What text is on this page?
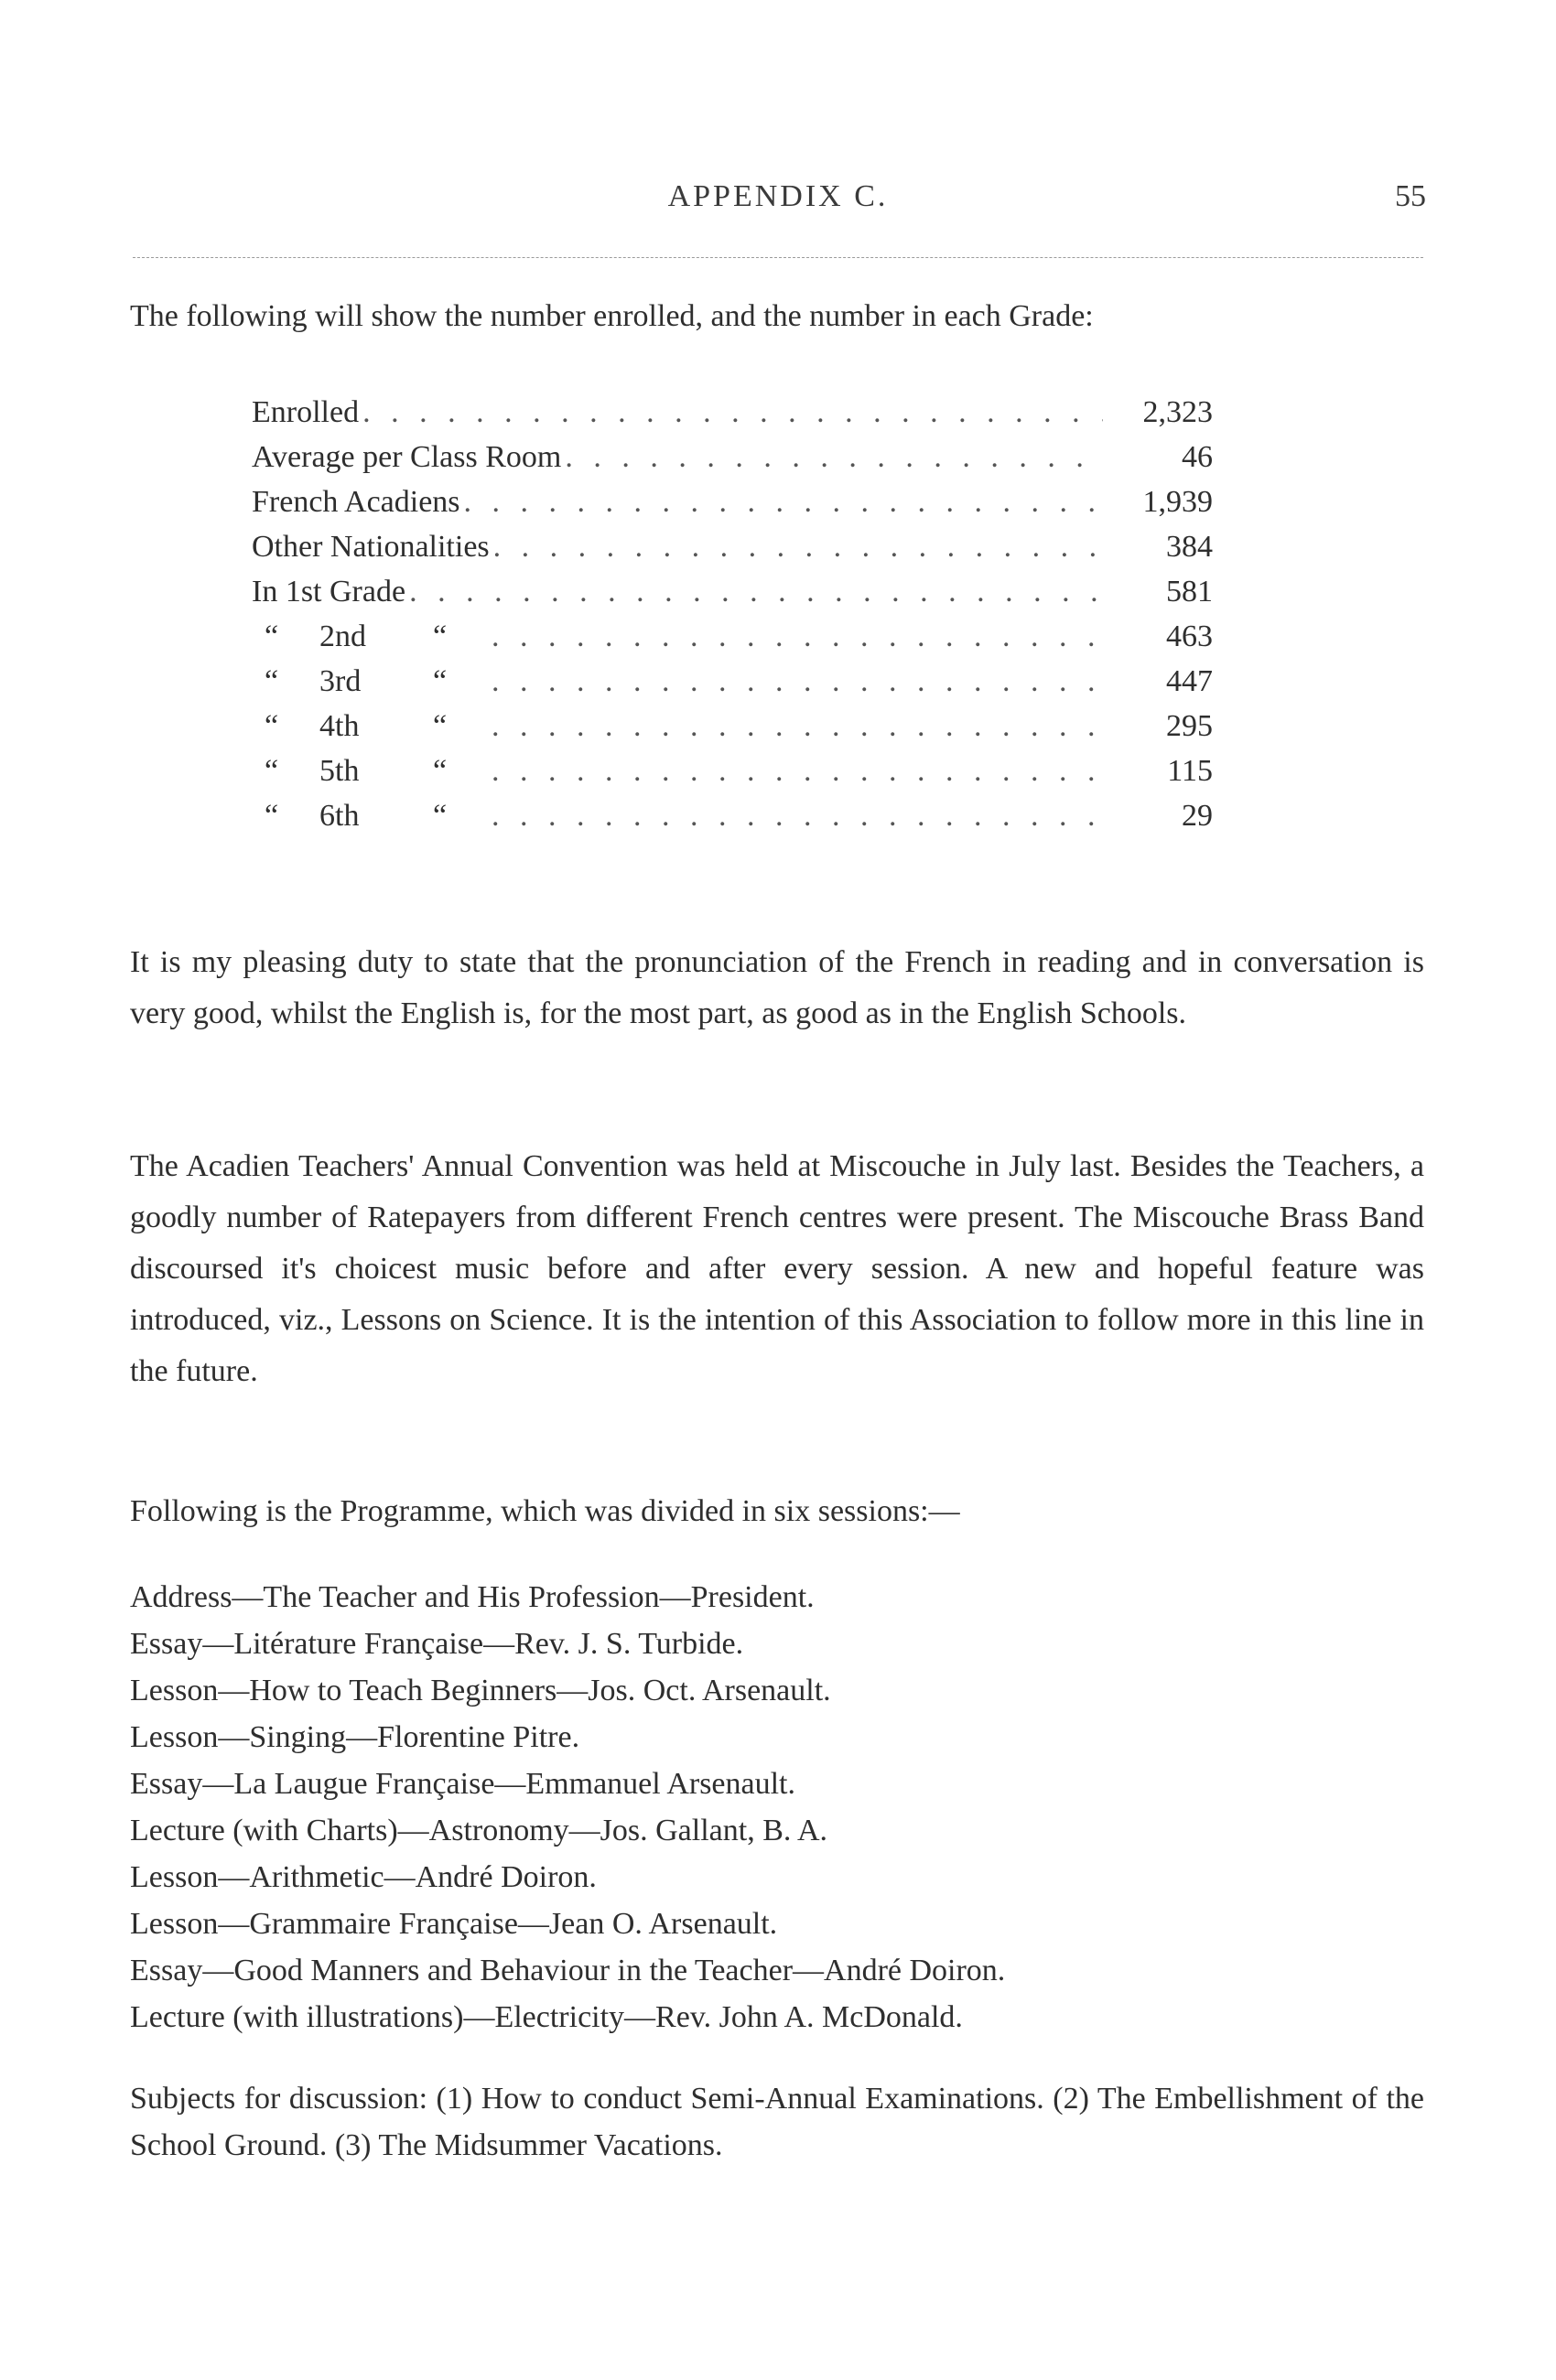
APPENDIX C.	55
The following will show the number enrolled, and the number in each Grade:
Enrolled . . .	2,323
Average per Class Room . . .	46
French Acadiens . . .	1,939
Other Nationalities . . .	384
In 1st Grade . . .	581
“ 2nd “ . . .	463
“ 3rd “ . . .	447
“ 4th “ . . .	295
“ 5th “ . . .	115
“ 6th “ . . .	29
It is my pleasing duty to state that the pronunciation of the French in reading and in conversation is very good, whilst the English is, for the most part, as good as in the English Schools.
The Acadien Teachers' Annual Convention was held at Miscouche in July last. Besides the Teachers, a goodly number of Ratepayers from different French centres were present. The Miscouche Brass Band discoursed it's choicest music before and after every session. A new and hopeful feature was introduced, viz., Lessons on Science. It is the intention of this Association to follow more in this line in the future.
Following is the Programme, which was divided in six sessions:—
Address—The Teacher and His Profession—President.
Essay—Litérature Française—Rev. J. S. Turbide.
Lesson—How to Teach Beginners—Jos. Oct. Arsenault.
Lesson—Singing—Florentine Pitre.
Essay—La Laugue Française—Emmanuel Arsenault.
Lecture (with Charts)—Astronomy—Jos. Gallant, B. A.
Lesson—Arithmetic—André Doiron.
Lesson—Grammaire Française—Jean O. Arsenault.
Essay—Good Manners and Behaviour in the Teacher—André Doiron.
Lecture (with illustrations)—Electricity—Rev. John A. McDonald.
Subjects for discussion: (1) How to conduct Semi-Annual Examinations. (2) The Embellishment of the School Ground. (3) The Midsummer Vacations.
